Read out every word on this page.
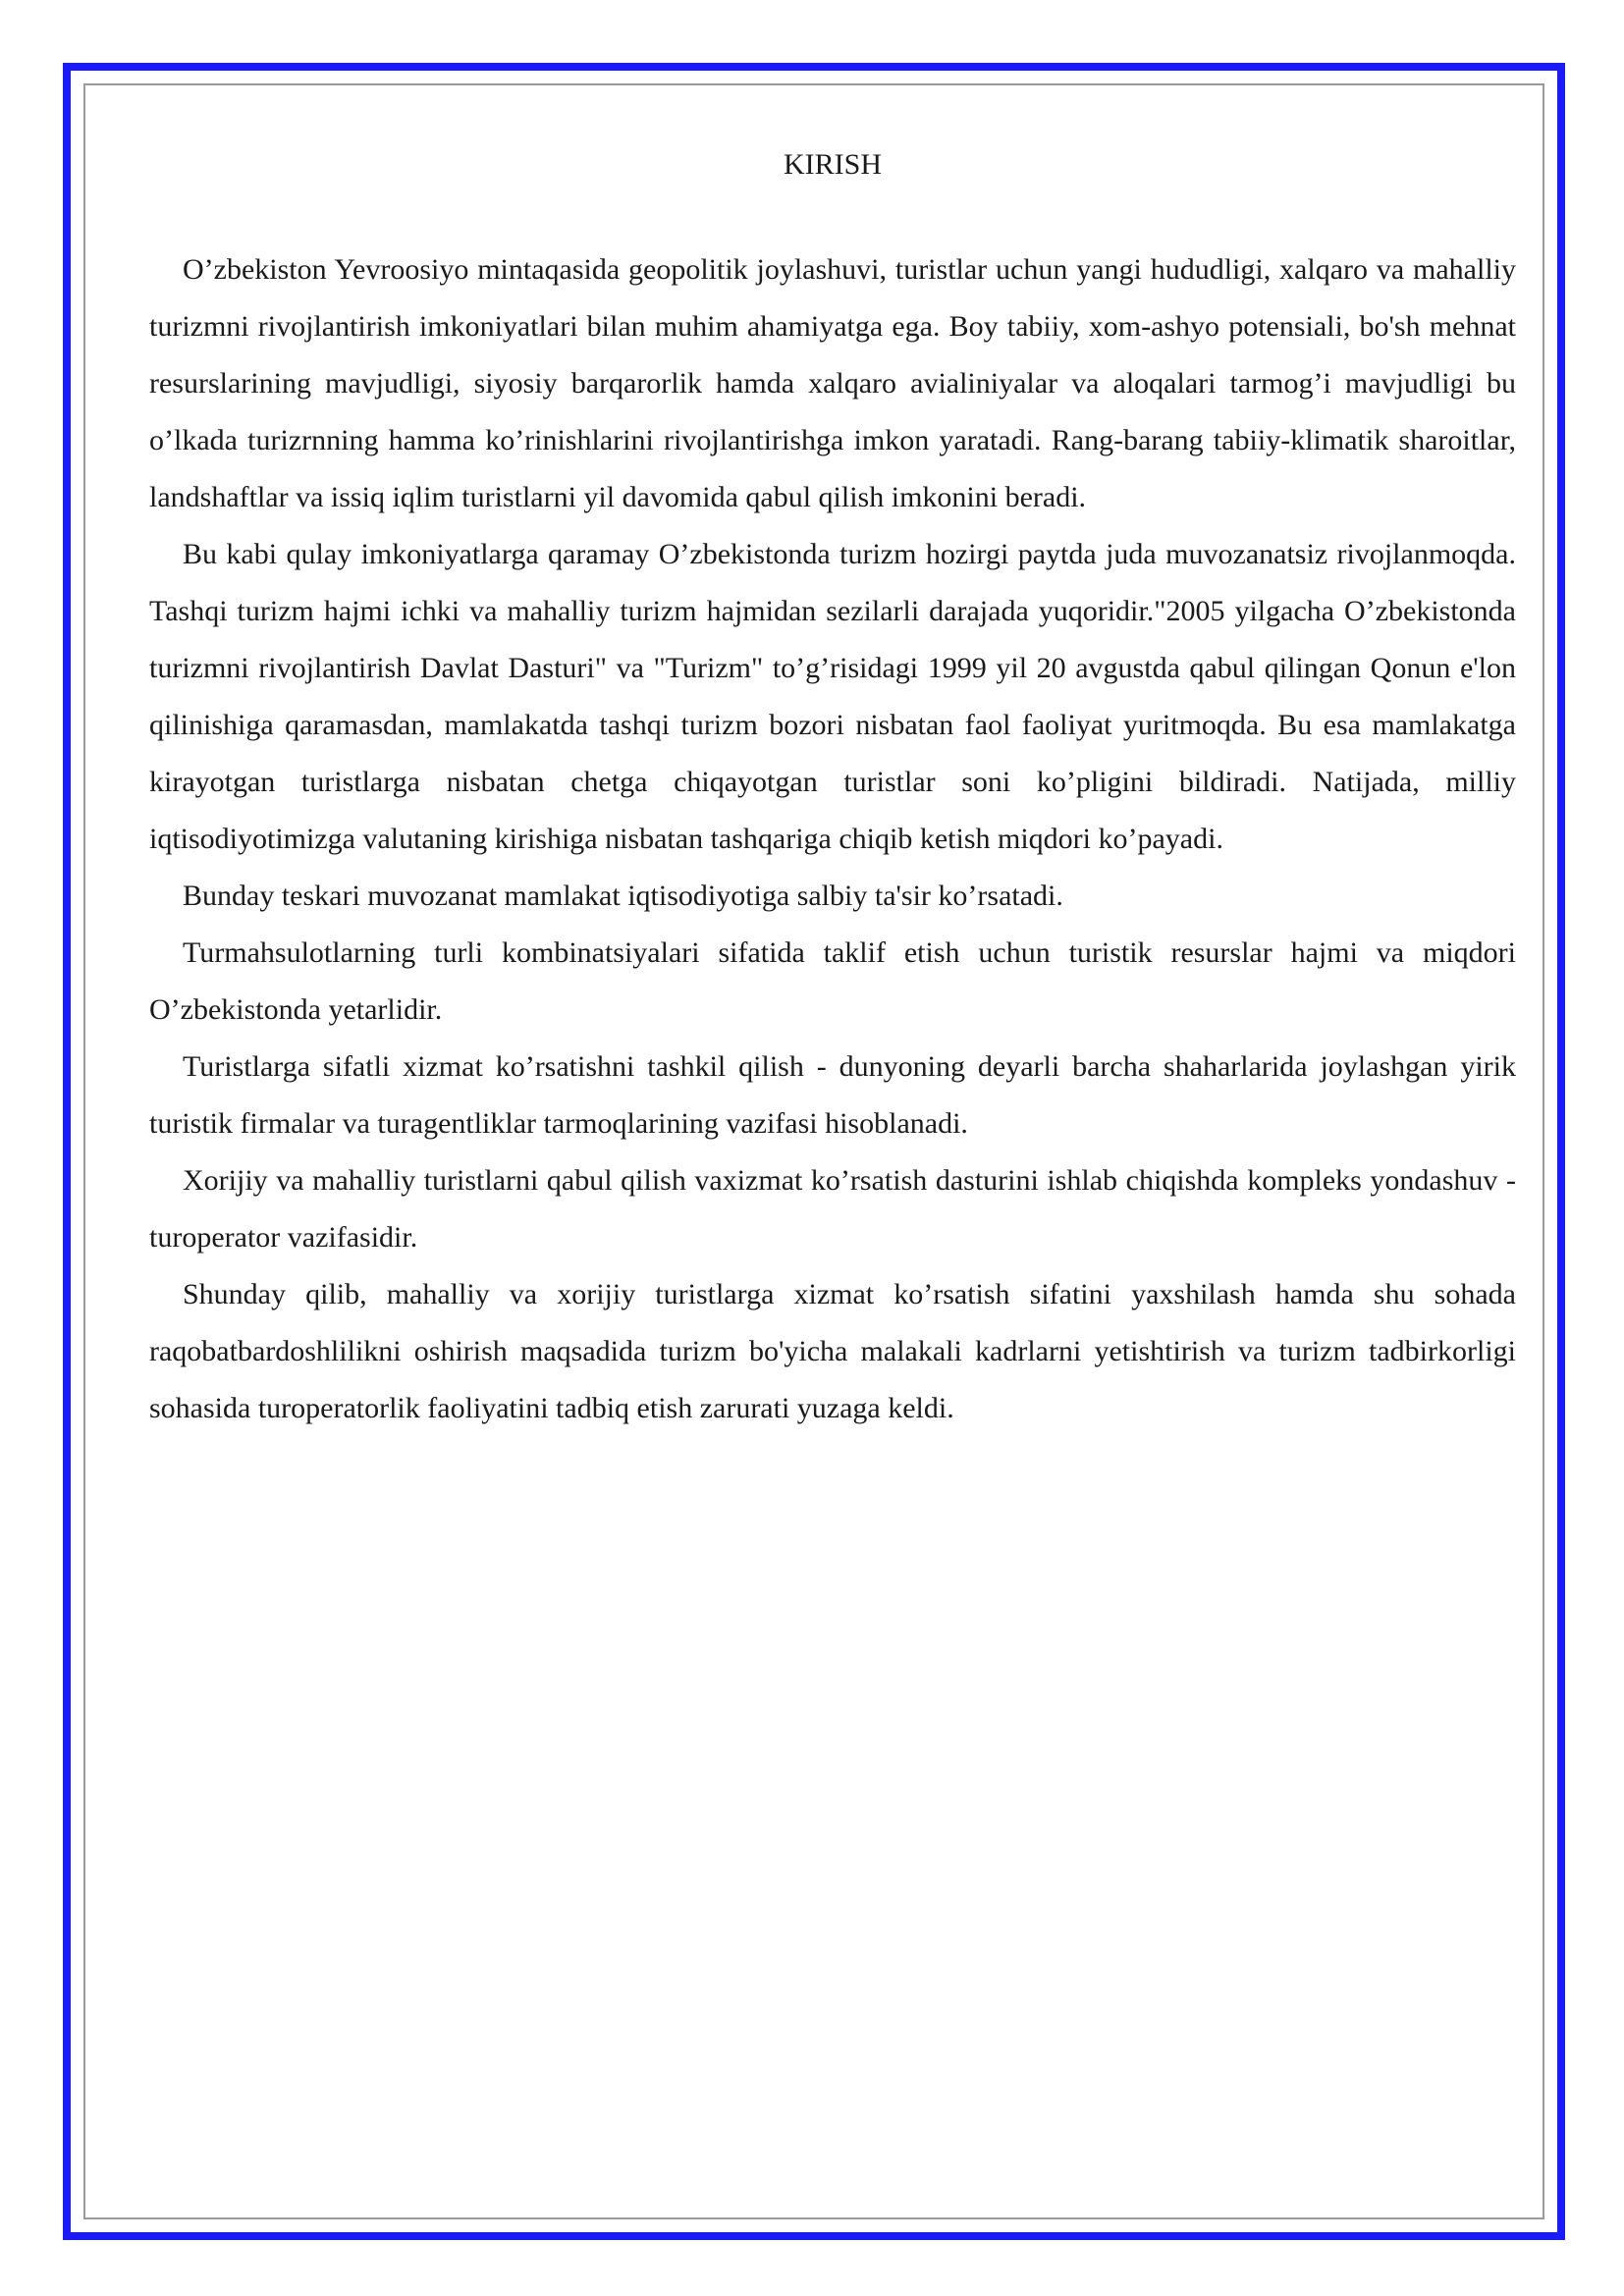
KIRISH

O’zbekiston Yevroosiyo mintaqasida geopolitik joylashuvi, turistlar uchun yangi hududligi, xalqaro va mahalliy turizmni rivojlantirish imkoniyatlari bilan muhim ahamiyatga ega. Boy tabiiy, xom-ashyo potensiali, bo'sh mehnat resurslarining mavjudligi, siyosiy barqarorlik hamda xalqaro avialiniyalar va aloqalari tarmog’i mavjudligi bu o’lkada turizrnning hamma ko’rinishlarini rivojlantirishga imkon yaratadi. Rang-barang tabiiy-klimatik sharoitlar, landshaftlar va issiq iqlim turistlarni yil davomida qabul qilish imkonini beradi.

Bu kabi qulay imkoniyatlarga qaramay O’zbekistonda turizm hozirgi paytda juda muvozanatsiz rivojlanmoqda. Tashqi turizm hajmi ichki va mahalliy turizm hajmidan sezilarli darajada yuqoridir."2005 yilgacha O’zbekistonda turizmni rivojlantirish Davlat Dasturi" va "Turizm" to’g’risidagi 1999 yil 20 avgustda qabul qilingan Qonun e'lon qilinishiga qaramasdan, mamlakatda tashqi turizm bozori nisbatan faol faoliyat yuritmoqda. Bu esa mamlakatga kirayotgan turistlarga nisbatan chetga chiqayotgan turistlar soni ko’pligini bildiradi. Natijada, milliy iqtisodiyotimizga valutaning kirishiga nisbatan tashqariga chiqib ketish miqdori ko’payadi.

Bunday teskari muvozanat mamlakat iqtisodiyotiga salbiy ta'sir ko’rsatadi.

Turmahsulotlarning turli kombinatsiyalari sifatida taklif etish uchun turistik resurslar hajmi va miqdori O’zbekistonda yetarlidir.

Turistlarga sifatli xizmat ko’rsatishni tashkil qilish - dunyoning deyarli barcha shaharlarida joylashgan yirik turistik firmalar va turagentliklar tarmoqlarining vazifasi hisoblanadi.

Xorijiy va mahalliy turistlarni qabul qilish vaxizmat ko’rsatish dasturini ishlab chiqishda kompleks yondashuv - turoperator vazifasidir.

Shunday qilib, mahalliy va xorijiy turistlarga xizmat ko’rsatish sifatini yaxshilash hamda shu sohada raqobatbardoshlilikni oshirish maqsadida turizm bo'yicha malakali kadrlarni yetishtirish va turizm tadbirkorligi sohasida turoperatorlik faoliyatini tadbiq etish zarurati yuzaga keldi.
